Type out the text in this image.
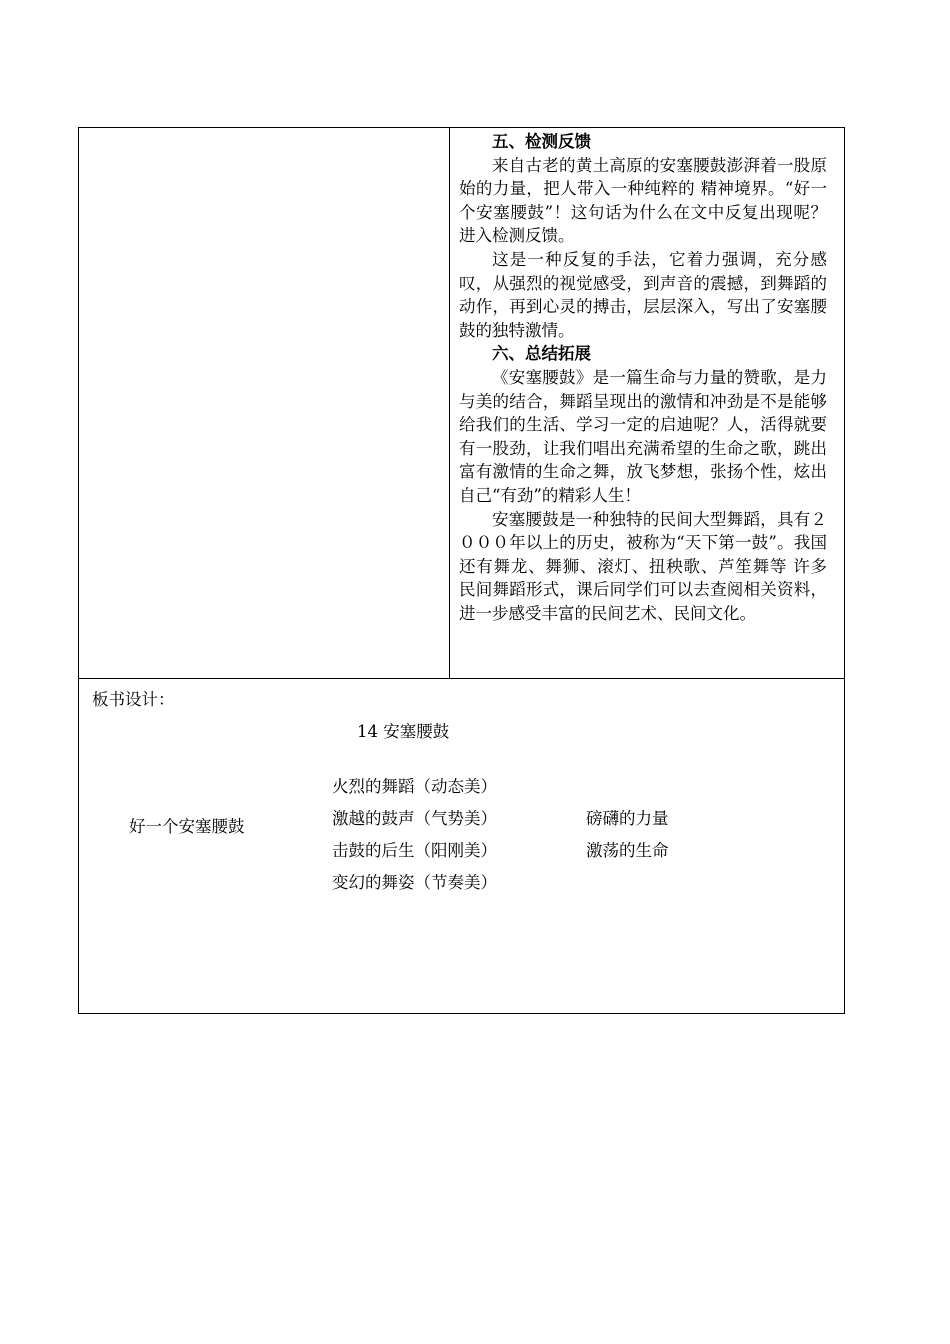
五、检测反馈

来自古老的黄土高原的安塞腰鼓澎湃着一股原始的力量，把人带入一种纯粹的 精神境界。“好一个安塞腰鼓”！这句话为什么在文中反复出现呢？进入检测反馈。

这是一种反复的手法，它着力强调，充分感叹，从强烈的视觉感受，到声音的震撼，到舞蹈的动作，再到心灵的搏击，层层深入，写出了安塞腰鼓的独特激情。

六、总结拓展

《安塞腰鼓》是一篇生命与力量的赞歌，是力与美的结合，舞蹈呈现出的激情和冲劲是不是能够给我们的生活、学习一定的启迪呢？人，活得就要有一股劲，让我们唱出充满希望的生命之歌，跳出富有激情的生命之舞，放飞梦想，张扬个性，炫出自己“有劲”的精彩人生！

安塞腰鼓是一种独特的民间大型舞蹈，具有２０００年以上的历史，被称为“天下第一鼓”。我国还有舞龙、舞狮、滚灯、扭秧歌、芦笙舞等 许多民间舞蹈形式，课后同学们可以去查阅相关资料，进一步感受丰富的民间艺术、民间文化。

板书设计：
14 安塞腰鼓
好一个安塞腰鼓
火烈的舞蹈（动态美）
激越的鼓声（气势美）
击鼓的后生（阳刚美）
变幻的舞姿（节奏美）
磅礴的力量
激荡的生命
